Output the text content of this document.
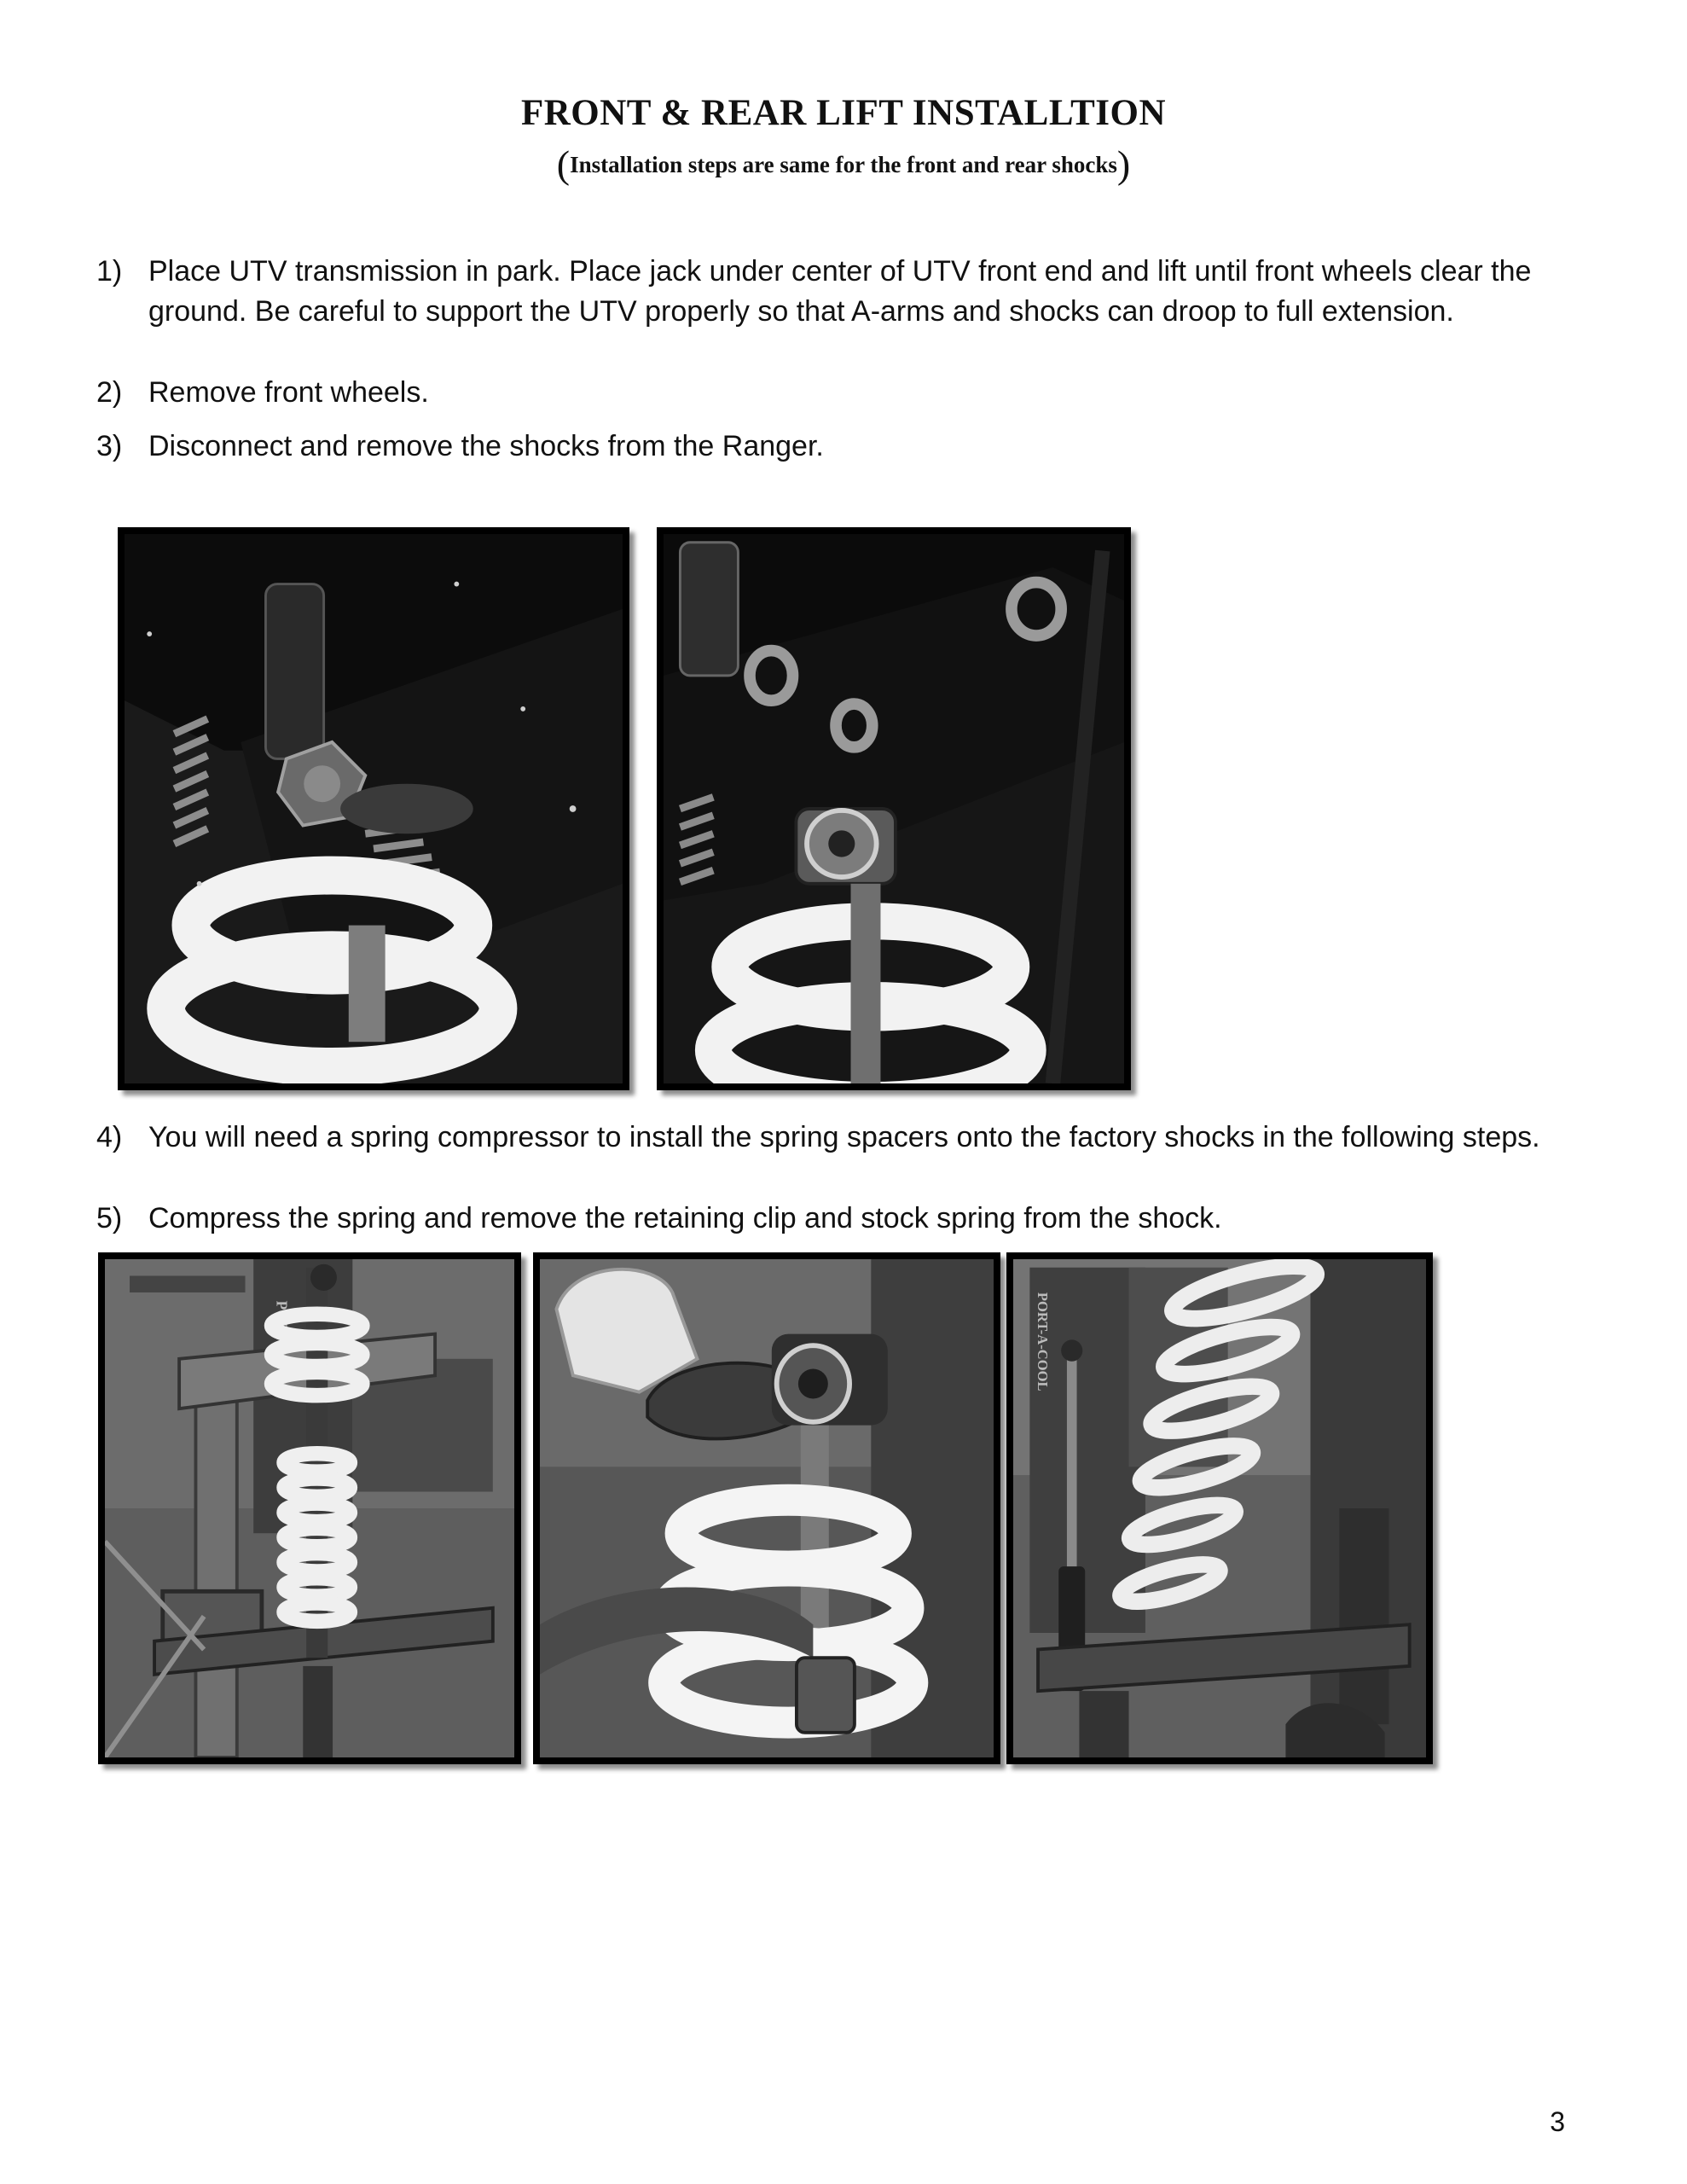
FRONT & REAR LIFT INSTALLTION
(Installation steps are same for the front and rear shocks)
1) Place UTV transmission in park. Place jack under center of UTV front end and lift until front wheels clear the ground. Be careful to support the UTV properly so that A-arms and shocks can droop to full extension.
2) Remove front wheels.
3) Disconnect and remove the shocks from the Ranger.
4) You will need a spring compressor to install the spring spacers onto the factory shocks in the following steps.
5) Compress the spring and remove the retaining clip and stock spring from the shock.
PORT-A	PORT-A-COOL
3
